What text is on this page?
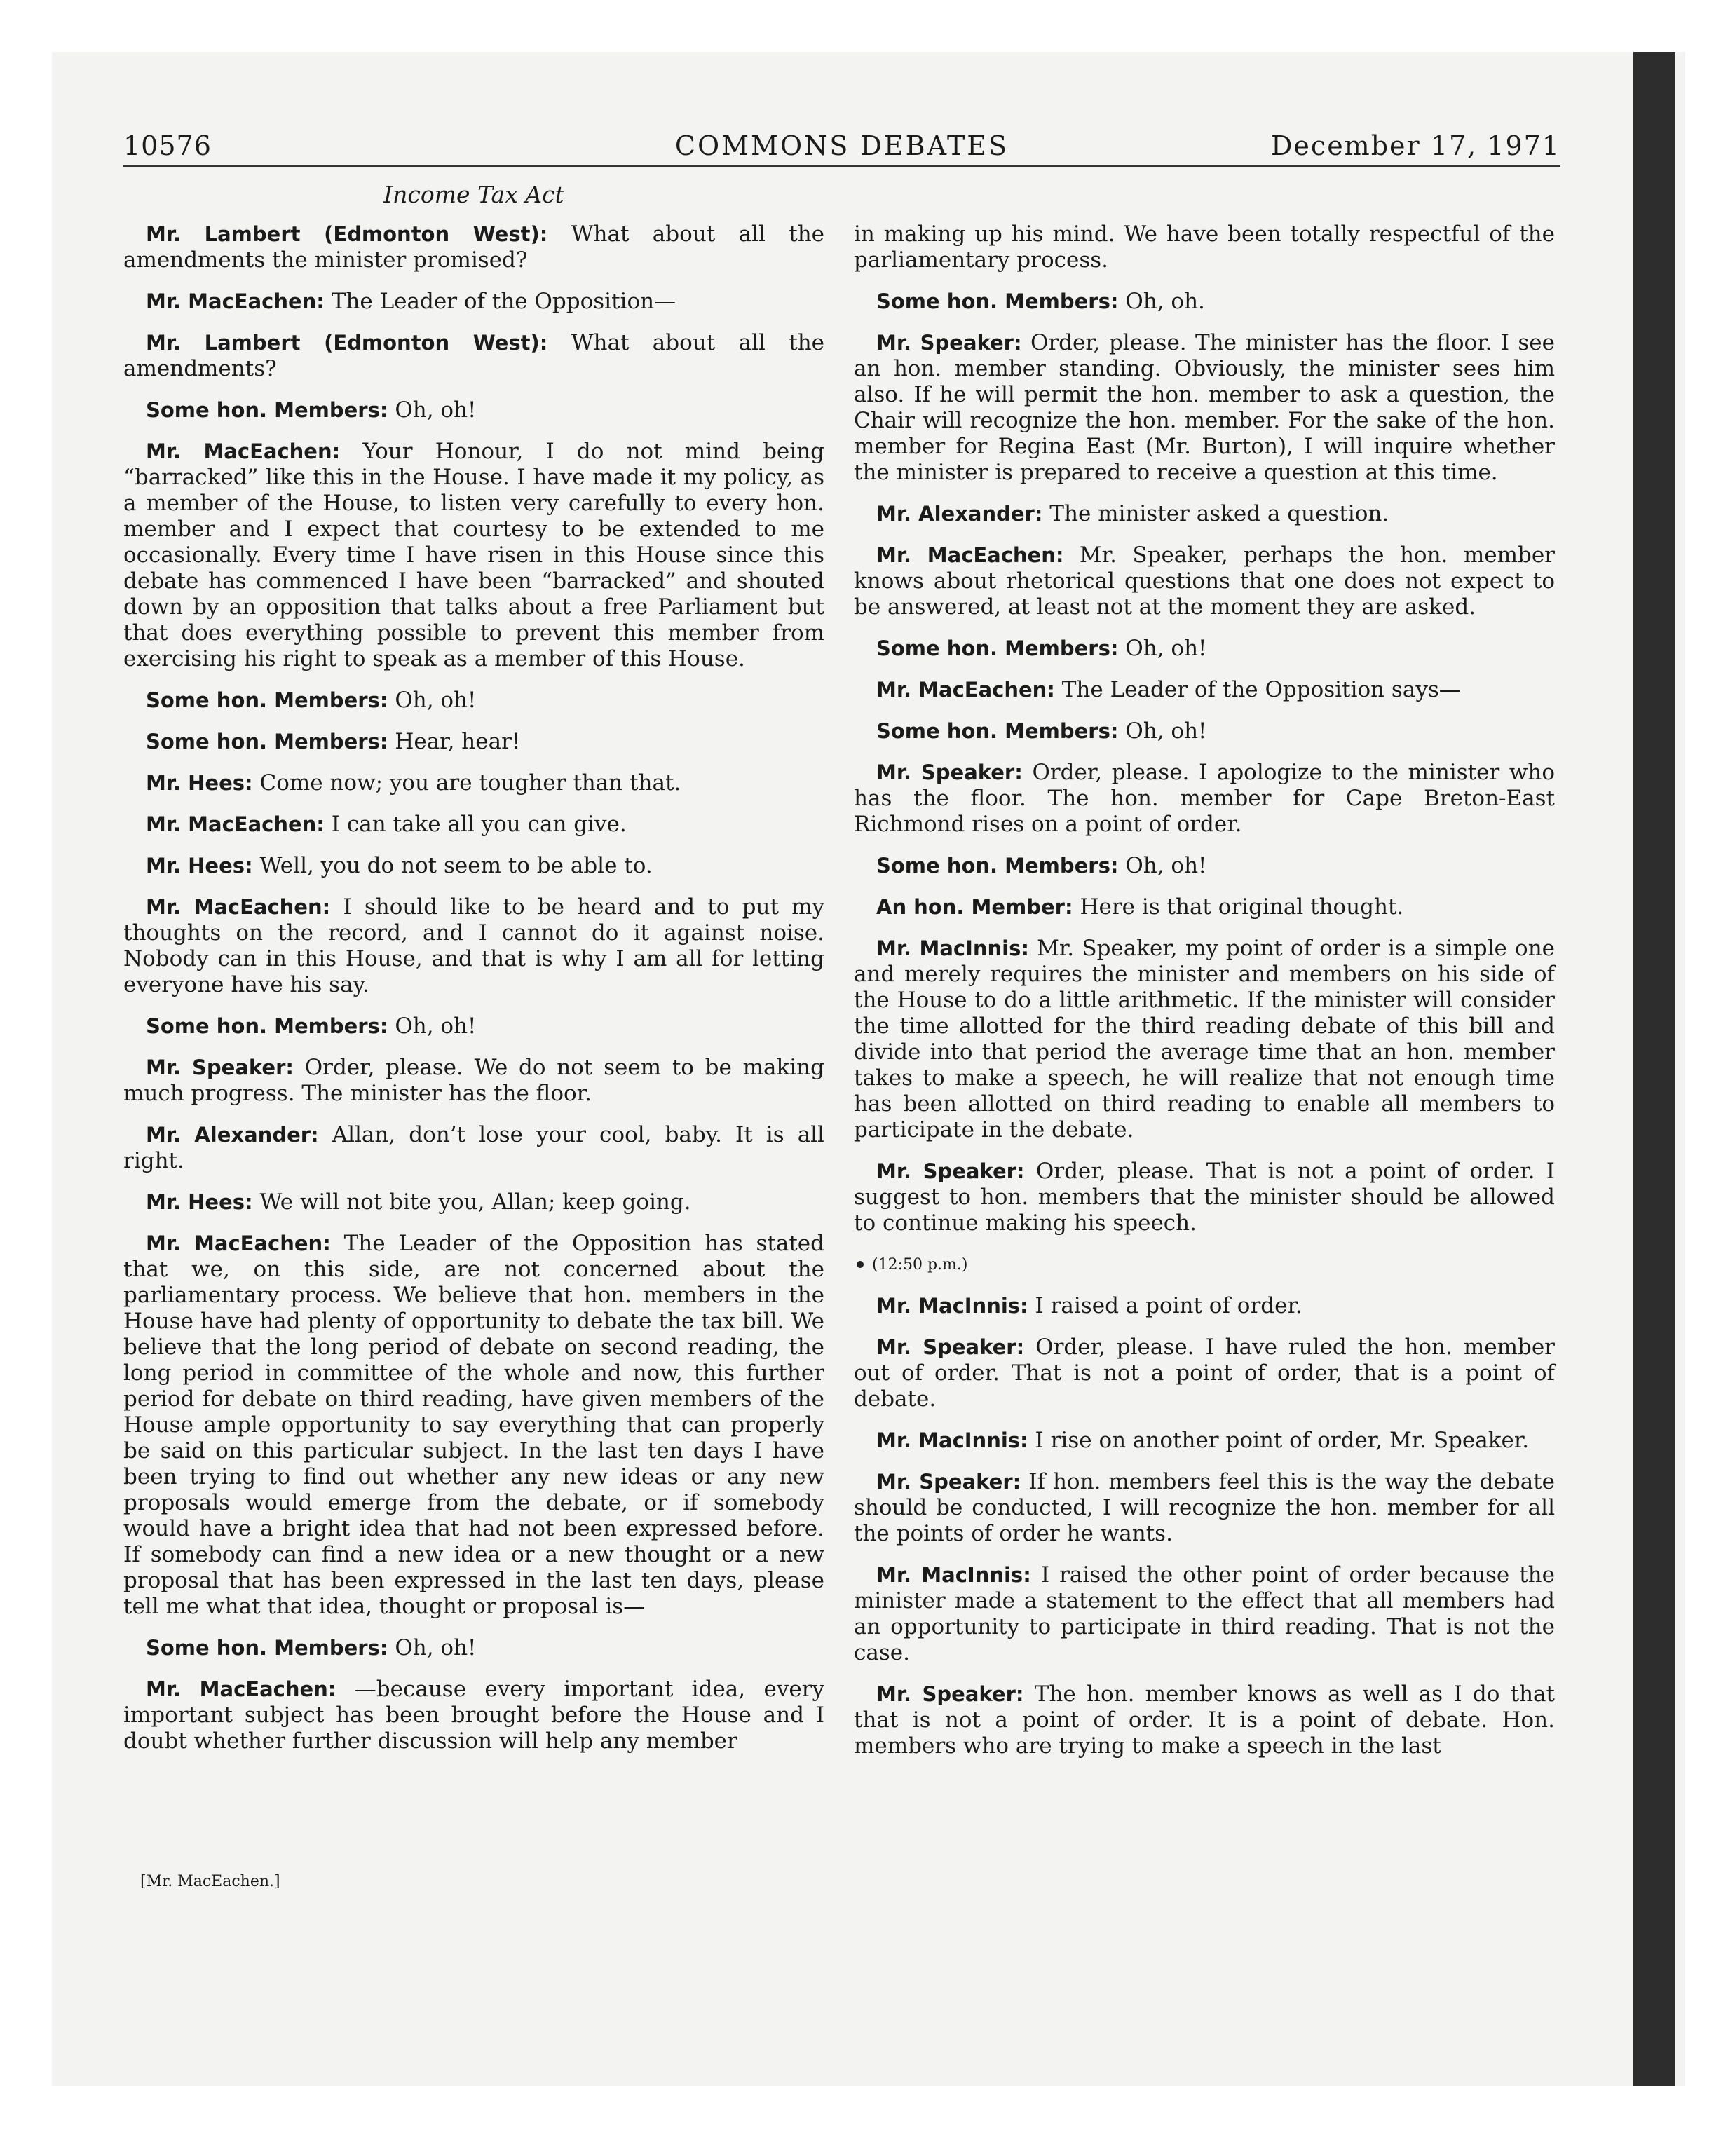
10576	COMMONS DEBATES	December 17, 1971
Income Tax Act

Mr. Lambert (Edmonton West): What about all the amendments the minister promised?

Mr. MacEachen: The Leader of the Opposition—

Mr. Lambert (Edmonton West): What about all the amendments?

Some hon. Members: Oh, oh!

Mr. MacEachen: Your Honour, I do not mind being “barracked” like this in the House. I have made it my policy, as a member of the House, to listen very carefully to every hon. member and I expect that courtesy to be extended to me occasionally. Every time I have risen in this House since this debate has commenced I have been “barracked” and shouted down by an opposition that talks about a free Parliament but that does everything possible to prevent this member from exercising his right to speak as a member of this House.

Some hon. Members: Oh, oh!

Some hon. Members: Hear, hear!

Mr. Hees: Come now; you are tougher than that.

Mr. MacEachen: I can take all you can give.

Mr. Hees: Well, you do not seem to be able to.

Mr. MacEachen: I should like to be heard and to put my thoughts on the record, and I cannot do it against noise. Nobody can in this House, and that is why I am all for letting everyone have his say.

Some hon. Members: Oh, oh!

Mr. Speaker: Order, please. We do not seem to be making much progress. The minister has the floor.

Mr. Alexander: Allan, don’t lose your cool, baby. It is all right.

Mr. Hees: We will not bite you, Allan; keep going.

Mr. MacEachen: The Leader of the Opposition has stated that we, on this side, are not concerned about the parliamentary process. We believe that hon. members in the House have had plenty of opportunity to debate the tax bill. We believe that the long period of debate on second reading, the long period in committee of the whole and now, this further period for debate on third reading, have given members of the House ample opportunity to say everything that can properly be said on this particular subject. In the last ten days I have been trying to find out whether any new ideas or any new proposals would emerge from the debate, or if somebody would have a bright idea that had not been expressed before. If somebody can find a new idea or a new thought or a new proposal that has been expressed in the last ten days, please tell me what that idea, thought or proposal is—

Some hon. Members: Oh, oh!

Mr. MacEachen: —because every important idea, every important subject has been brought before the House and I doubt whether further discussion will help any member

in making up his mind. We have been totally respectful of the parliamentary process.

Some hon. Members: Oh, oh.

Mr. Speaker: Order, please. The minister has the floor. I see an hon. member standing. Obviously, the minister sees him also. If he will permit the hon. member to ask a question, the Chair will recognize the hon. member. For the sake of the hon. member for Regina East (Mr. Burton), I will inquire whether the minister is prepared to receive a question at this time.

Mr. Alexander: The minister asked a question.

Mr. MacEachen: Mr. Speaker, perhaps the hon. member knows about rhetorical questions that one does not expect to be answered, at least not at the moment they are asked.

Some hon. Members: Oh, oh!

Mr. MacEachen: The Leader of the Opposition says—

Some hon. Members: Oh, oh!

Mr. Speaker: Order, please. I apologize to the minister who has the floor. The hon. member for Cape Breton-East Richmond rises on a point of order.

Some hon. Members: Oh, oh!

An hon. Member: Here is that original thought.

Mr. MacInnis: Mr. Speaker, my point of order is a simple one and merely requires the minister and members on his side of the House to do a little arithmetic. If the minister will consider the time allotted for the third reading debate of this bill and divide into that period the average time that an hon. member takes to make a speech, he will realize that not enough time has been allotted on third reading to enable all members to participate in the debate.

Mr. Speaker: Order, please. That is not a point of order. I suggest to hon. members that the minister should be allowed to continue making his speech.

(12:50 p.m.)

Mr. MacInnis: I raised a point of order.

Mr. Speaker: Order, please. I have ruled the hon. member out of order. That is not a point of order, that is a point of debate.

Mr. MacInnis: I rise on another point of order, Mr. Speaker.

Mr. Speaker: If hon. members feel this is the way the debate should be conducted, I will recognize the hon. member for all the points of order he wants.

Mr. MacInnis: I raised the other point of order because the minister made a statement to the effect that all members had an opportunity to participate in third reading. That is not the case.

Mr. Speaker: The hon. member knows as well as I do that that is not a point of order. It is a point of debate. Hon. members who are trying to make a speech in the last

[Mr. MacEachen.]
